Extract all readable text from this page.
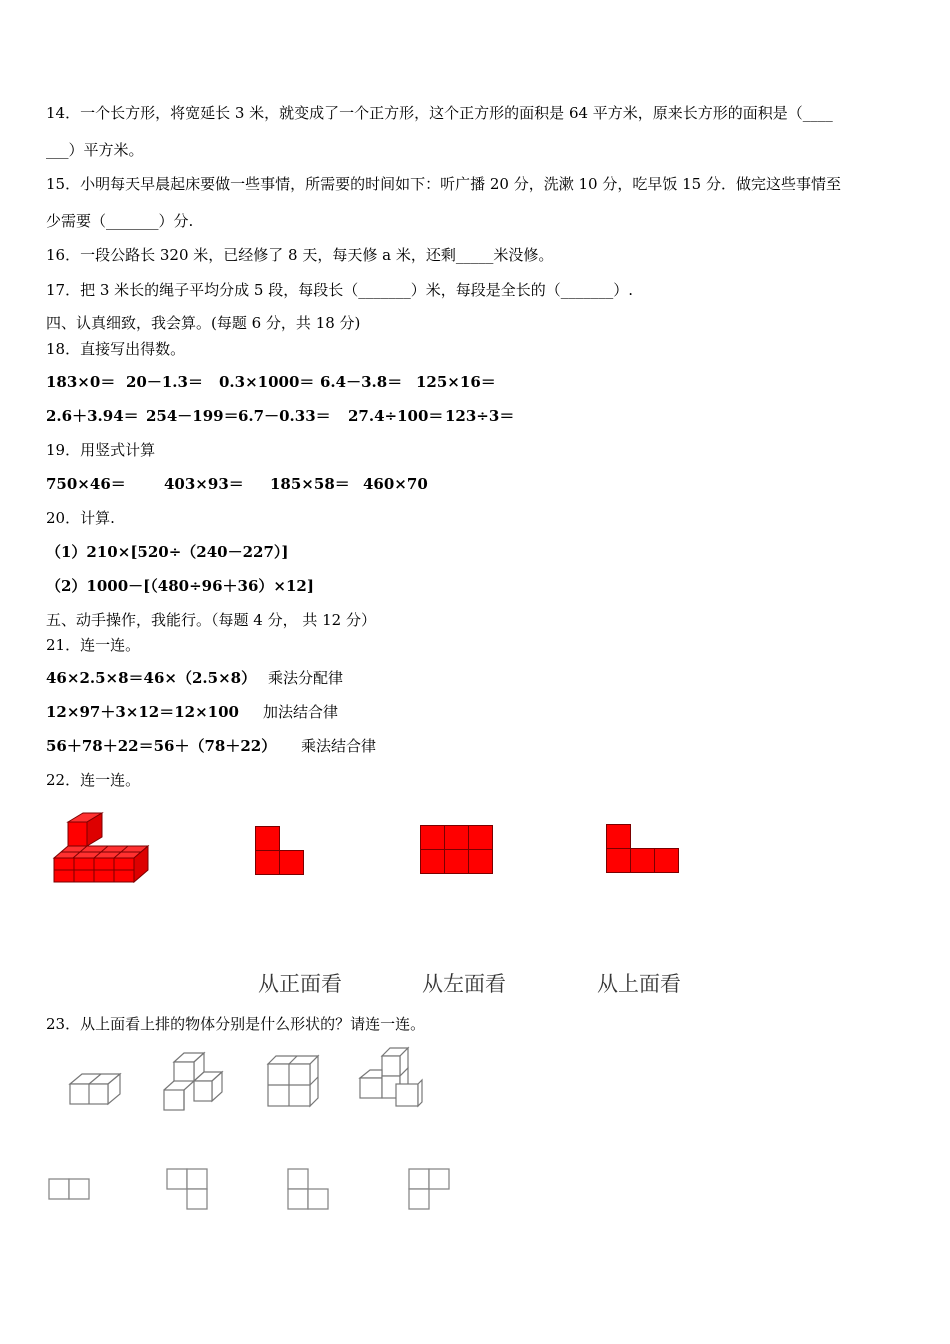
14．一个长方形，将宽延长 3 米，就变成了一个正方形，这个正方形的面积是 64 平方米，原来长方形的面积是（____
___）平方米。
15．小明每天早晨起床要做一些事情，所需要的时间如下：听广播 20 分，洗漱 10 分，吃早饭 15 分．做完这些事情至
少需要（_______）分.
16．一段公路长 320 米，已经修了 8 天，每天修 a 米，还剩_____米没修。
17．把 3 米长的绳子平均分成 5 段，每段长（_______）米，每段是全长的（_______）.
四、认真细致，我会算。(每题 6 分，共 18 分)
18．直接写出得数。
183×0＝ 20－1.3＝ 0.3×1000＝ 6.4－3.8＝ 125×16＝
2.6＋3.94＝ 254－199＝6.7－0.33＝ 27.4÷100＝ 123÷3＝
19．用竖式计算
750×46＝	403×93＝ 185×58＝ 460×70
20．计算.
（1）210×[520÷（240－227）]
（2）1000－[（480÷96＋36）×12]
五、动手操作，我能行。（每题 4 分， 共 12 分）
21．连一连。
46×2.5×8＝46×（2.5×8） 乘法分配律
12×97＋3×12＝12×100 加法结合律
56＋78＋22＝56＋（78＋22） 乘法结合律
22．连一连。
从正面看	从左面看	从上面看
23．从上面看上排的物体分别是什么形状的？请连一连。
